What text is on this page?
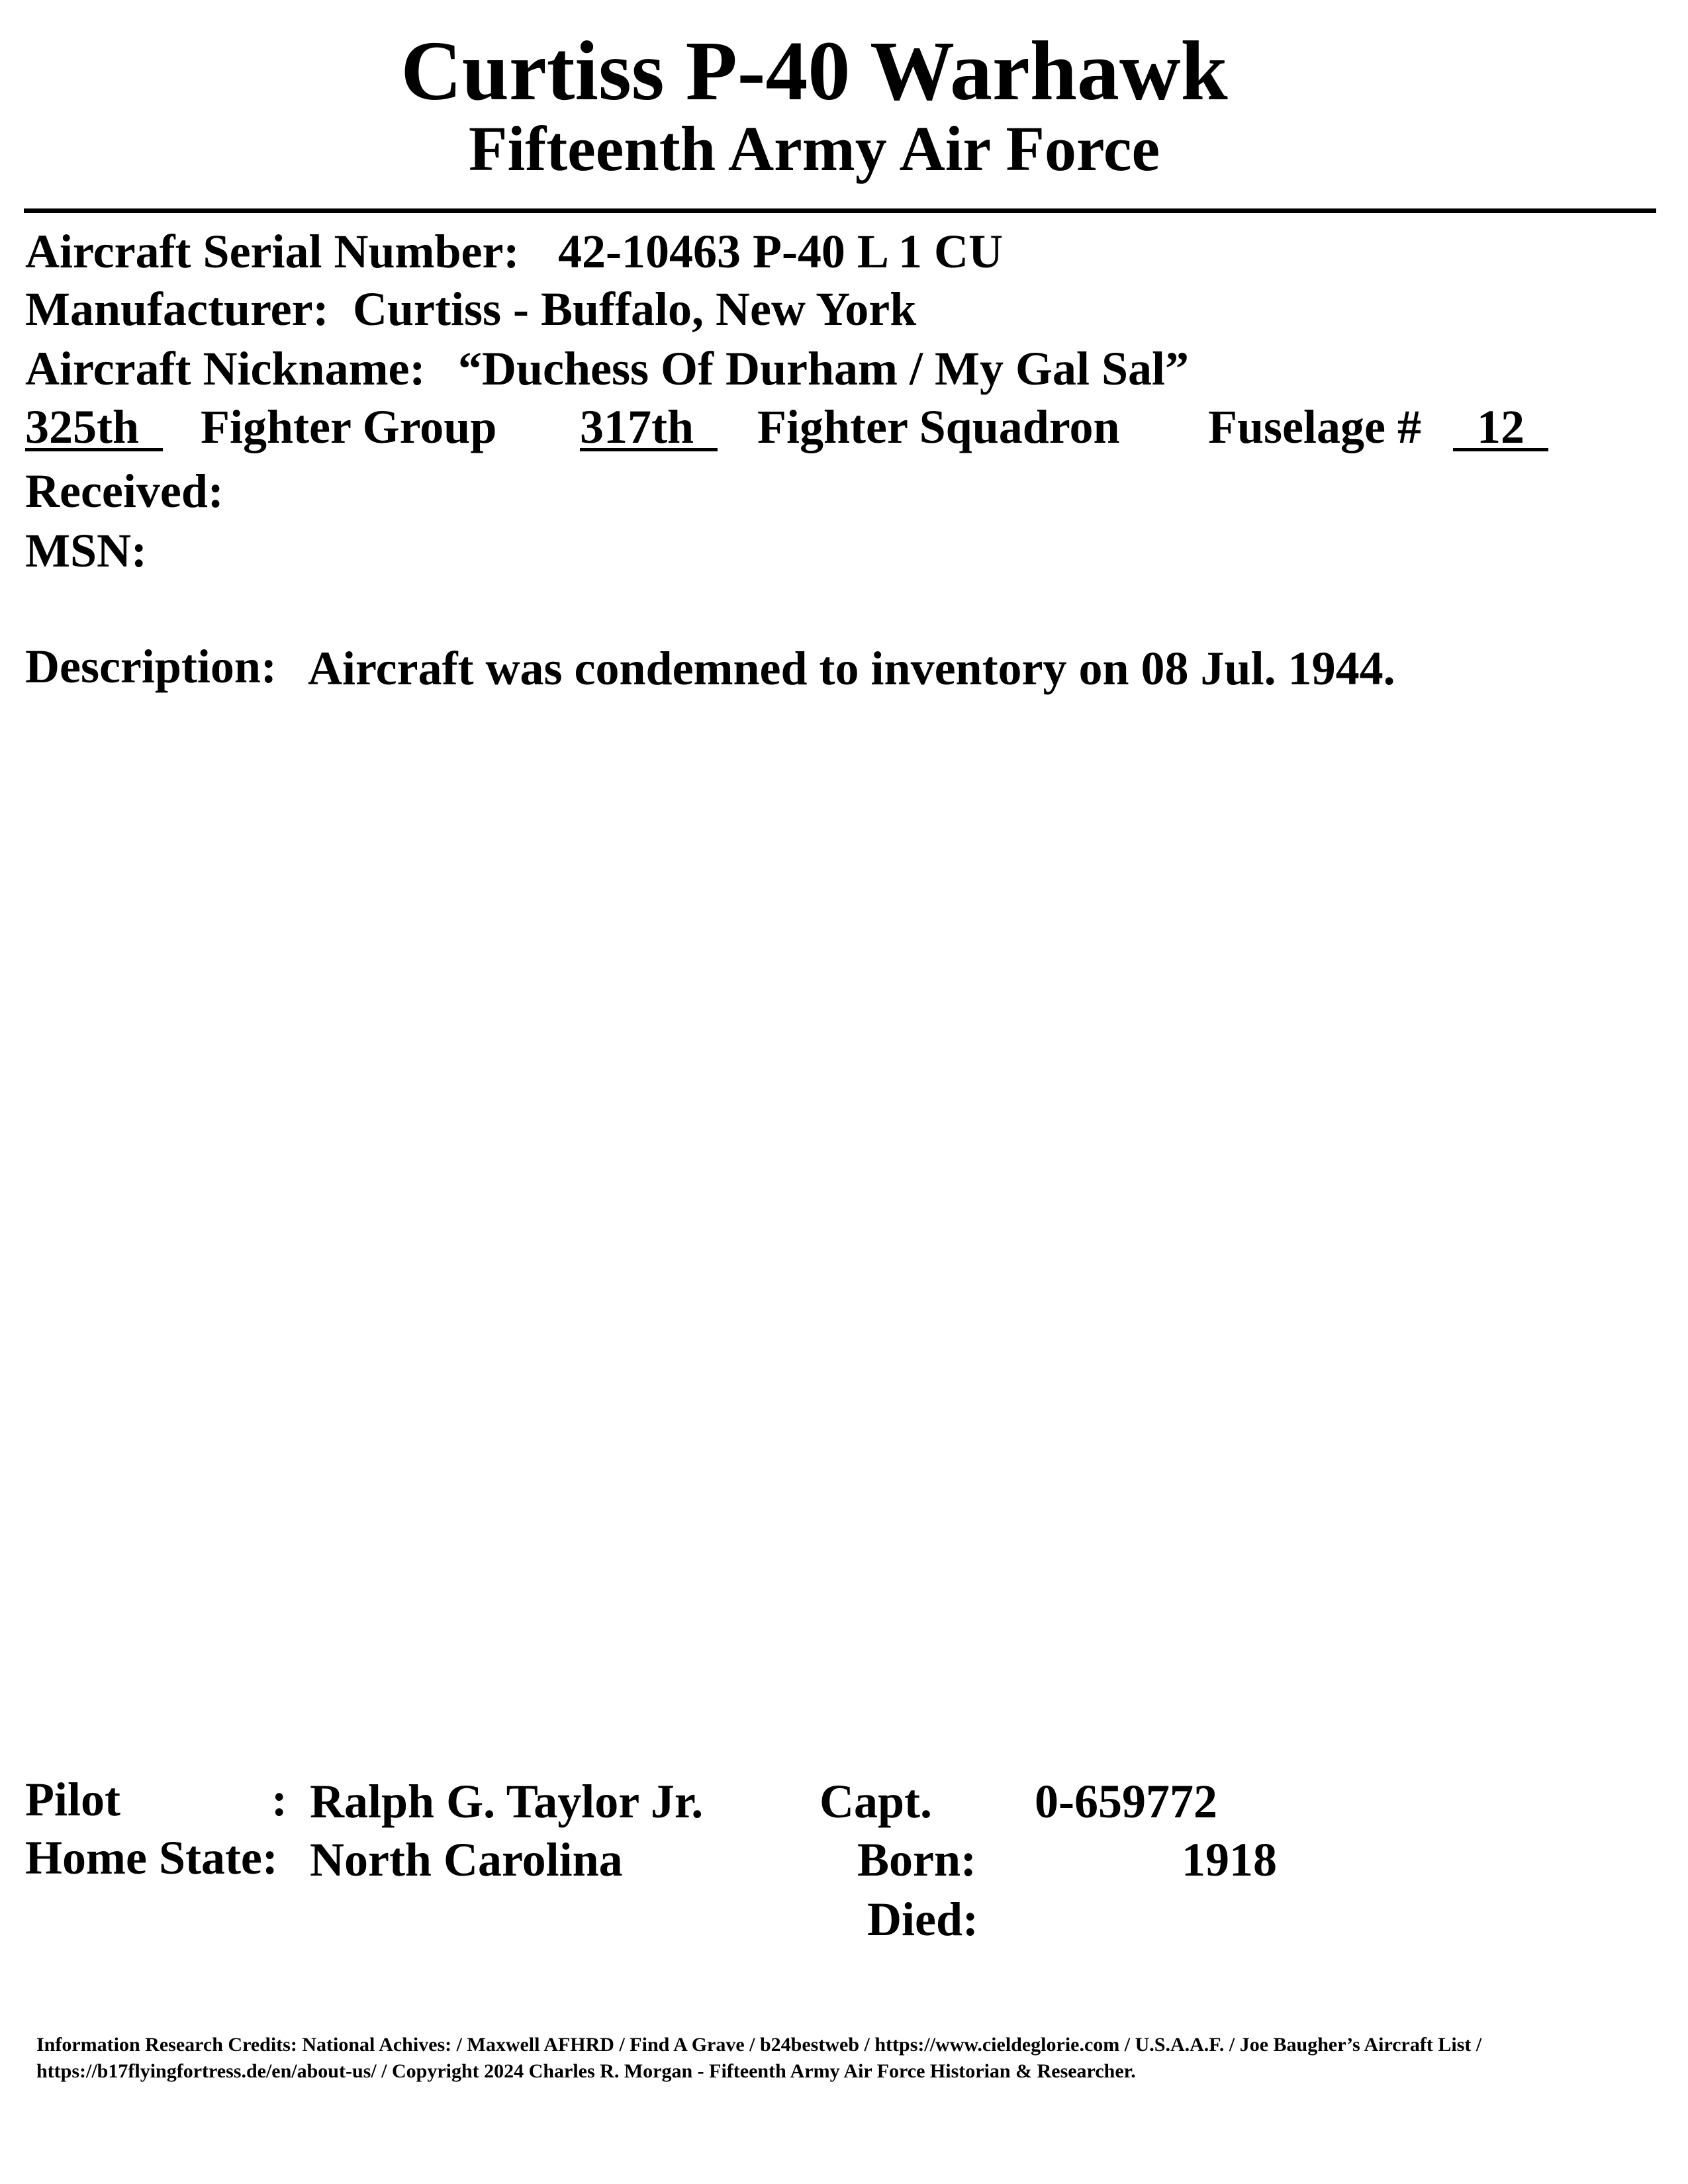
Curtiss P-40 Warhawk
Fifteenth Army Air Force
Aircraft Serial Number: 42-10463 P-40 L 1 CU
Manufacturer: Curtiss - Buffalo, New York
Aircraft Nickname: “Duchess Of Durham / My Gal Sal”
325th Fighter Group 317th Fighter Squadron Fuselage # 12
Received:
MSN:
Description: Aircraft was condemned to inventory on 08 Jul. 1944.
Pilot	: Ralph G. Taylor Jr. Capt. 0-659772
Home State: North Carolina	Born:	1918
Died:
Information Research Credits: National Achives: / Maxwell AFHRD / Find A Grave / b24bestweb / https://www.cieldeglorie.com / U.S.A.A.F. / Joe Baugher’s Aircraft List /
https://b17flyingfortress.de/en/about-us/ / Copyright 2024 Charles R. Morgan - Fifteenth Army Air Force Historian & Researcher.
